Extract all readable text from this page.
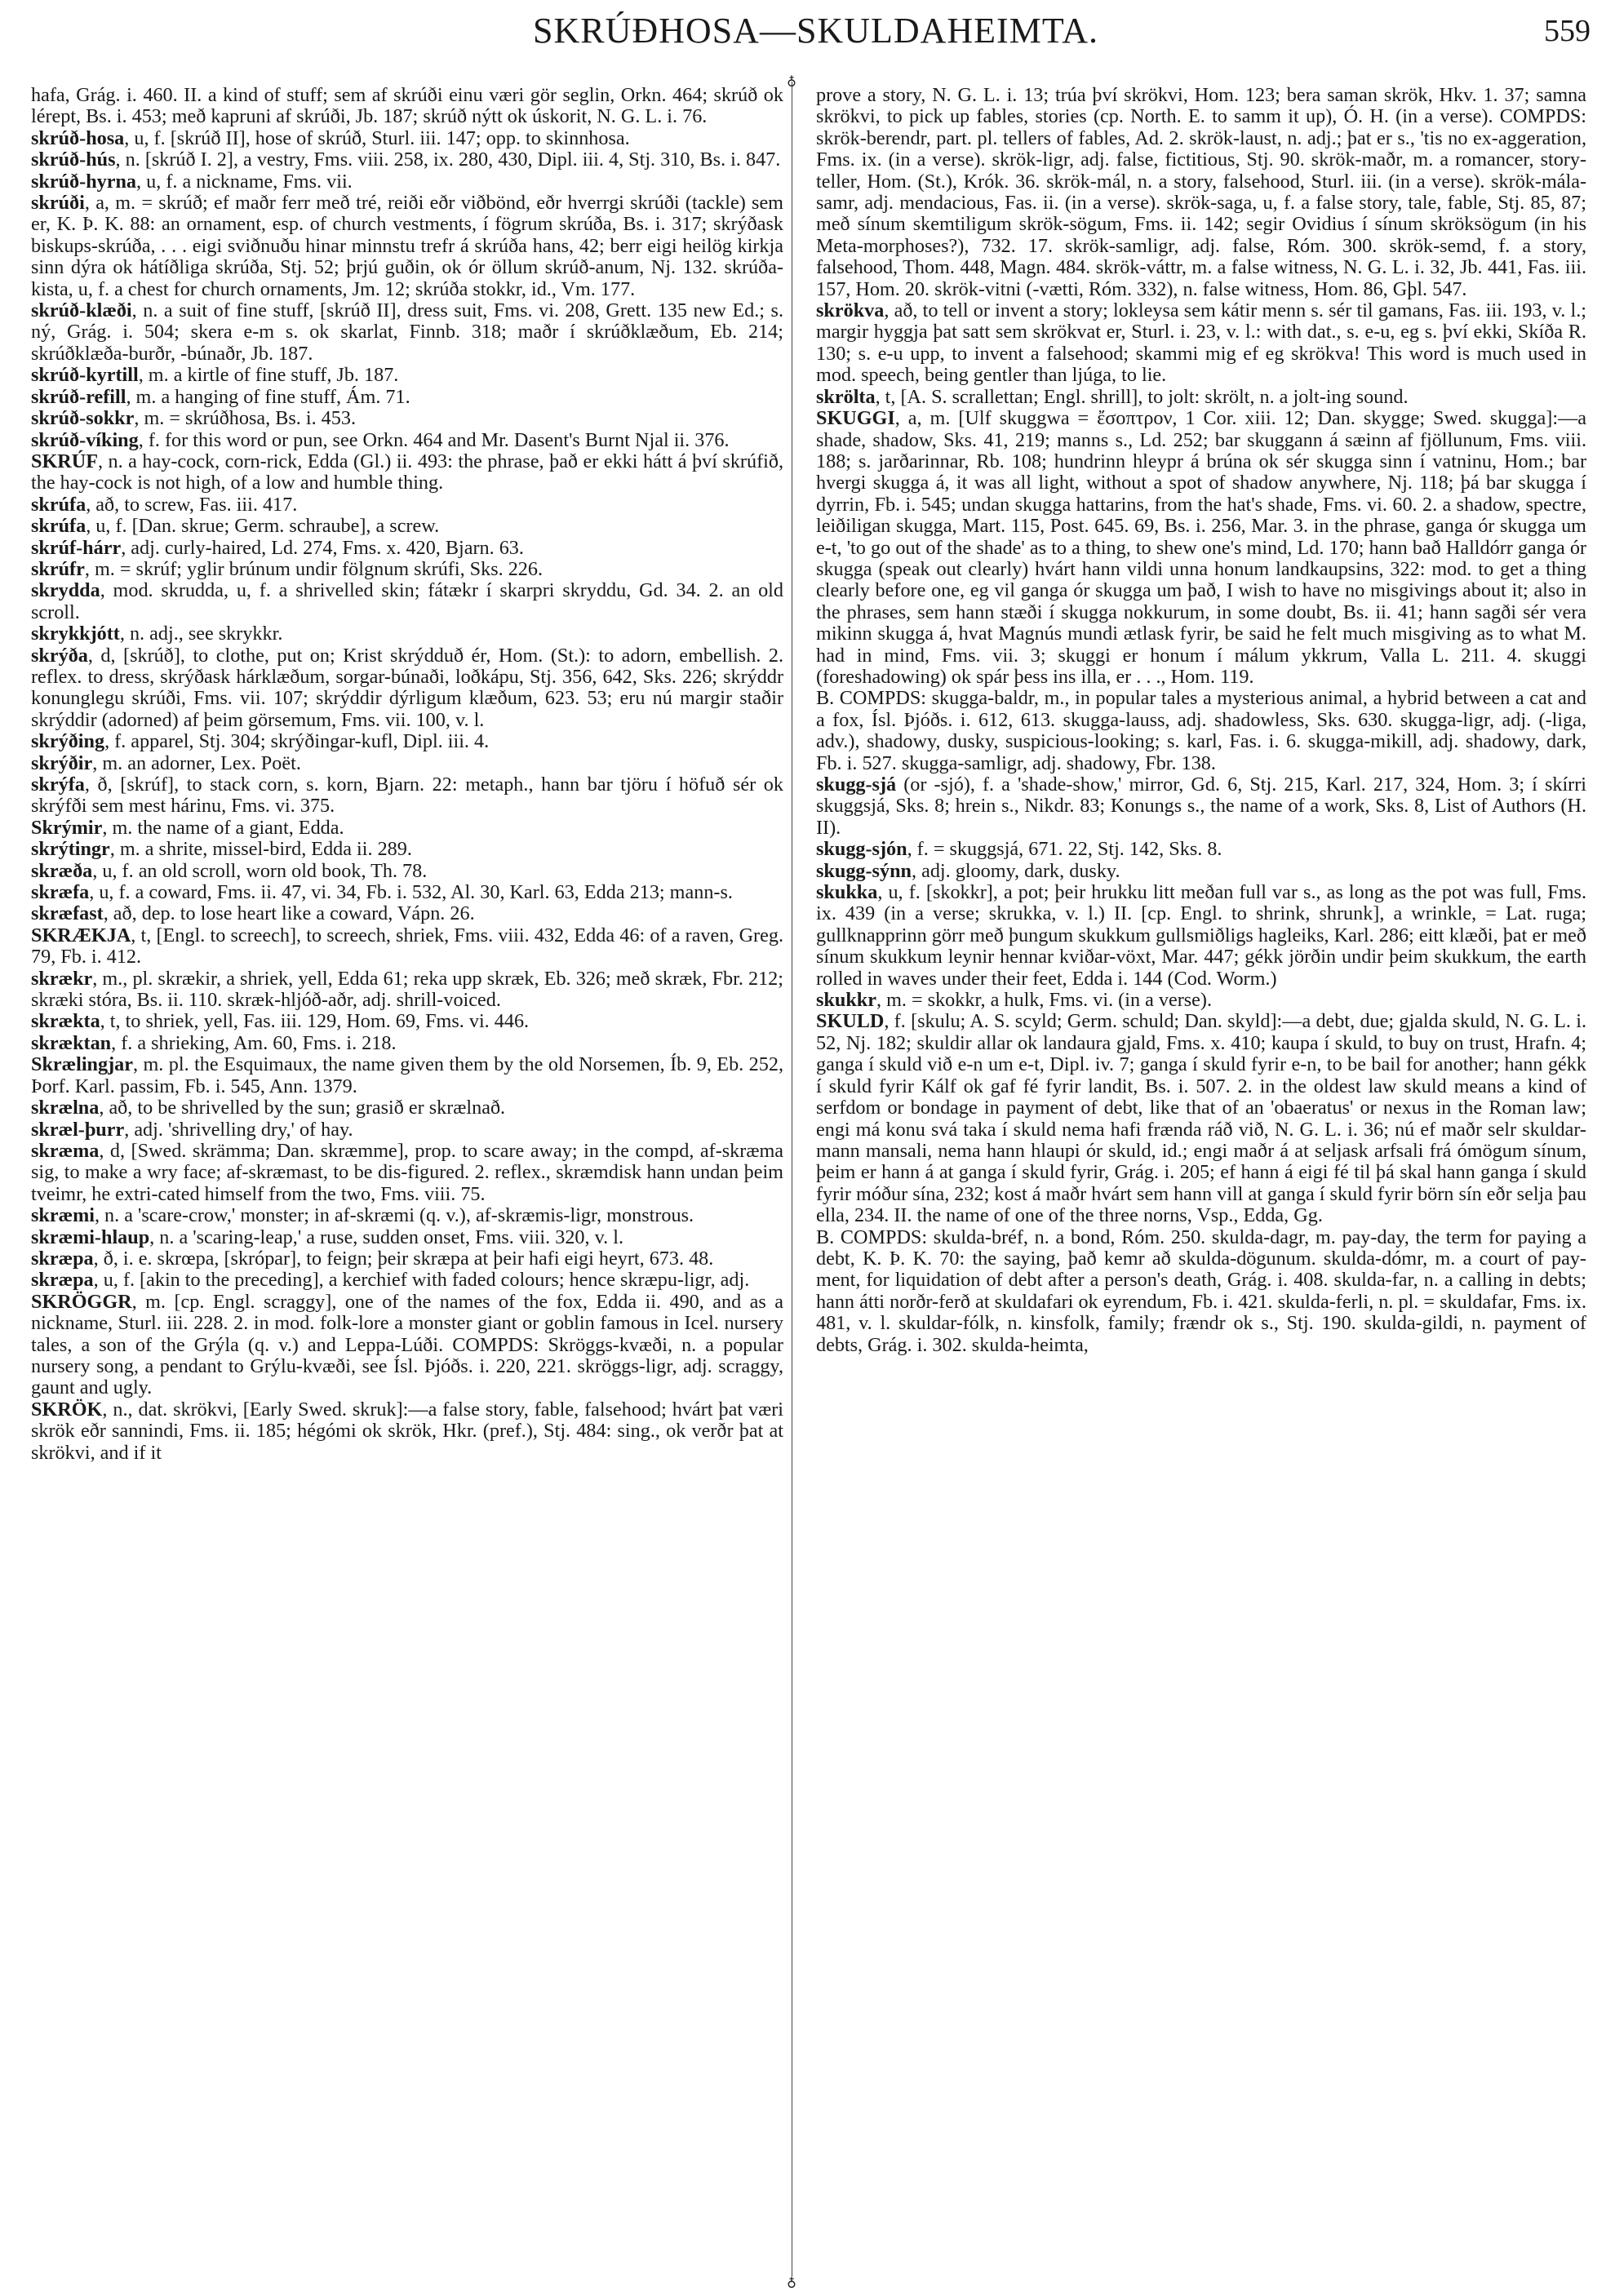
SKRÚÐHOSA—SKULDAHEIMTA.	559
♁
♁

hafa, Grág. i. 460. II. a kind of stuff; sem af skrúði einu væri gör seglin, Orkn. 464; skrúð ok lérept, Bs. i. 453; með kapruni af skrúði, Jb. 187; skrúð nýtt ok úskorit, N. G. L. i. 76.

skrúð-hosa, u, f. [skrúð II], hose of skrúð, Sturl. iii. 147; opp. to skinnhosa.

skrúð-hús, n. [skrúð I. 2], a vestry, Fms. viii. 258, ix. 280, 430, Dipl. iii. 4, Stj. 310, Bs. i. 847.

skrúð-hyrna, u, f. a nickname, Fms. vii.

skrúði, a, m. = skrúð; ef maðr ferr með tré, reiði eðr viðbönd, eðr hverrgi skrúði (tackle) sem er, K. Þ. K. 88: an ornament, esp. of church vestments, í fögrum skrúða, Bs. i. 317; skrýðask biskups-skrúða, . . . eigi sviðnuðu hinar minnstu trefr á skrúða hans, 42; berr eigi heilög kirkja sinn dýra ok hátíðliga skrúða, Stj. 52; þrjú guðin, ok ór öllum skrúð-anum, Nj. 132. skrúða-kista, u, f. a chest for church ornaments, Jm. 12; skrúða stokkr, id., Vm. 177.

skrúð-klæði, n. a suit of fine stuff, [skrúð II], dress suit, Fms. vi. 208, Grett. 135 new Ed.; s. ný, Grág. i. 504; skera e-m s. ok skarlat, Finnb. 318; maðr í skrúðklæðum, Eb. 214; skrúðklæða-burðr, -búnaðr, Jb. 187.

skrúð-kyrtill, m. a kirtle of fine stuff, Jb. 187.

skrúð-refill, m. a hanging of fine stuff, Ám. 71.

skrúð-sokkr, m. = skrúðhosa, Bs. i. 453.

skrúð-víking, f. for this word or pun, see Orkn. 464 and Mr. Dasent's Burnt Njal ii. 376.

SKRÚF, n. a hay-cock, corn-rick, Edda (Gl.) ii. 493: the phrase, það er ekki hátt á því skrúfið, the hay-cock is not high, of a low and humble thing.

skrúfa, að, to screw, Fas. iii. 417.

skrúfa, u, f. [Dan. skrue; Germ. schraube], a screw.

skrúf-hárr, adj. curly-haired, Ld. 274, Fms. x. 420, Bjarn. 63.

skrúfr, m. = skrúf; yglir brúnum undir fölgnum skrúfi, Sks. 226.

skrydda, mod. skrudda, u, f. a shrivelled skin; fátækr í skarpri skryddu, Gd. 34. 2. an old scroll.

skrykkjótt, n. adj., see skrykkr.

skrýða, d, [skrúð], to clothe, put on; Krist skrýdduð ér, Hom. (St.): to adorn, embellish. 2. reflex. to dress, skrýðask hárklæðum, sorgar-búnaði, loðkápu, Stj. 356, 642, Sks. 226; skrýddr konunglegu skrúði, Fms. vii. 107; skrýddir dýrligum klæðum, 623. 53; eru nú margir staðir skrýddir (adorned) af þeim görsemum, Fms. vii. 100, v. l.

skrýðing, f. apparel, Stj. 304; skrýðingar-kufl, Dipl. iii. 4.

skrýðir, m. an adorner, Lex. Poët.

skrýfa, ð, [skrúf], to stack corn, s. korn, Bjarn. 22: metaph., hann bar tjöru í höfuð sér ok skrýfði sem mest hárinu, Fms. vi. 375.

Skrýmir, m. the name of a giant, Edda.

skrýtingr, m. a shrite, missel-bird, Edda ii. 289.

skræða, u, f. an old scroll, worn old book, Th. 78.

skræfa, u, f. a coward, Fms. ii. 47, vi. 34, Fb. i. 532, Al. 30, Karl. 63, Edda 213; mann-s.

skræfast, að, dep. to lose heart like a coward, Vápn. 26.

SKRÆKJA, t, [Engl. to screech], to screech, shriek, Fms. viii. 432, Edda 46: of a raven, Greg. 79, Fb. i. 412.

skrækr, m., pl. skrækir, a shriek, yell, Edda 61; reka upp skræk, Eb. 326; með skræk, Fbr. 212; skræki stóra, Bs. ii. 110. skræk-hljóð-aðr, adj. shrill-voiced.

skrækta, t, to shriek, yell, Fas. iii. 129, Hom. 69, Fms. vi. 446.

skræktan, f. a shrieking, Am. 60, Fms. i. 218.

Skrælingjar, m. pl. the Esquimaux, the name given them by the old Norsemen, Íb. 9, Eb. 252, Þorf. Karl. passim, Fb. i. 545, Ann. 1379.

skrælna, að, to be shrivelled by the sun; grasið er skrælnað.

skræl-þurr, adj. 'shrivelling dry,' of hay.

skræma, d, [Swed. skrämma; Dan. skræmme], prop. to scare away; in the compd, af-skræma sig, to make a wry face; af-skræmast, to be dis-figured. 2. reflex., skræmdisk hann undan þeim tveimr, he extri-cated himself from the two, Fms. viii. 75.

skræmi, n. a 'scare-crow,' monster; in af-skræmi (q. v.), af-skræmis-ligr, monstrous.

skræmi-hlaup, n. a 'scaring-leap,' a ruse, sudden onset, Fms. viii. 320, v. l.

skræpa, ð, i. e. skrœpa, [skrópar], to feign; þeir skræpa at þeir hafi eigi heyrt, 673. 48.

skræpa, u, f. [akin to the preceding], a kerchief with faded colours; hence skræpu-ligr, adj.

SKRÖGGR, m. [cp. Engl. scraggy], one of the names of the fox, Edda ii. 490, and as a nickname, Sturl. iii. 228. 2. in mod. folk-lore a monster giant or goblin famous in Icel. nursery tales, a son of the Grýla (q. v.) and Leppa-Lúði. COMPDS: Skröggs-kvæði, n. a popular nursery song, a pendant to Grýlu-kvæði, see Ísl. Þjóðs. i. 220, 221. skröggs-ligr, adj. scraggy, gaunt and ugly.

SKRÖK, n., dat. skrökvi, [Early Swed. skruk]:—a false story, fable, falsehood; hvárt þat væri skrök eðr sannindi, Fms. ii. 185; hégómi ok skrök, Hkr. (pref.), Stj. 484: sing., ok verðr þat at skrökvi, and if it

prove a story, N. G. L. i. 13; trúa því skrökvi, Hom. 123; bera saman skrök, Hkv. 1. 37; samna skrökvi, to pick up fables, stories (cp. North. E. to samm it up), Ó. H. (in a verse). COMPDS: skrök-berendr, part. pl. tellers of fables, Ad. 2. skrök-laust, n. adj.; þat er s., 'tis no ex-aggeration, Fms. ix. (in a verse). skrök-ligr, adj. false, fictitious, Stj. 90. skrök-maðr, m. a romancer, story-teller, Hom. (St.), Krók. 36. skrök-mál, n. a story, falsehood, Sturl. iii. (in a verse). skrök-mála-samr, adj. mendacious, Fas. ii. (in a verse). skrök-saga, u, f. a false story, tale, fable, Stj. 85, 87; með sínum skemtiligum skrök-sögum, Fms. ii. 142; segir Ovidius í sínum skröksögum (in his Meta-morphoses?), 732. 17. skrök-samligr, adj. false, Róm. 300. skrök-semd, f. a story, falsehood, Thom. 448, Magn. 484. skrök-váttr, m. a false witness, N. G. L. i. 32, Jb. 441, Fas. iii. 157, Hom. 20. skrök-vitni (-vætti, Róm. 332), n. false witness, Hom. 86, Gþl. 547.

skrökva, að, to tell or invent a story; lokleysa sem kátir menn s. sér til gamans, Fas. iii. 193, v. l.; margir hyggja þat satt sem skrökvat er, Sturl. i. 23, v. l.: with dat., s. e-u, eg s. því ekki, Skíða R. 130; s. e-u upp, to invent a falsehood; skammi mig ef eg skrökva! This word is much used in mod. speech, being gentler than ljúga, to lie.

skrölta, t, [A. S. scrallettan; Engl. shrill], to jolt: skrölt, n. a jolt-ing sound.

SKUGGI, a, m. [Ulf skuggwa = ἔσοπτρον, 1 Cor. xiii. 12; Dan. skygge; Swed. skugga]:—a shade, shadow, Sks. 41, 219; manns s., Ld. 252; bar skuggann á sæinn af fjöllunum, Fms. viii. 188; s. jarðarinnar, Rb. 108; hundrinn hleypr á brúna ok sér skugga sinn í vatninu, Hom.; bar hvergi skugga á, it was all light, without a spot of shadow anywhere, Nj. 118; þá bar skugga í dyrrin, Fb. i. 545; undan skugga hattarins, from the hat's shade, Fms. vi. 60. 2. a shadow, spectre, leiðiligan skugga, Mart. 115, Post. 645. 69, Bs. i. 256, Mar. 3. in the phrase, ganga ór skugga um e-t, 'to go out of the shade' as to a thing, to shew one's mind, Ld. 170; hann bað Halldórr ganga ór skugga (speak out clearly) hvárt hann vildi unna honum landkaupsins, 322: mod. to get a thing clearly before one, eg vil ganga ór skugga um það, I wish to have no misgivings about it; also in the phrases, sem hann stæði í skugga nokkurum, in some doubt, Bs. ii. 41; hann sagði sér vera mikinn skugga á, hvat Magnús mundi ætlask fyrir, be said he felt much misgiving as to what M. had in mind, Fms. vii. 3; skuggi er honum í málum ykkrum, Valla L. 211. 4. skuggi (foreshadowing) ok spár þess ins illa, er . . ., Hom. 119.

B. COMPDS: skugga-baldr, m., in popular tales a mysterious animal, a hybrid between a cat and a fox, Ísl. Þjóðs. i. 612, 613. skugga-lauss, adj. shadowless, Sks. 630. skugga-ligr, adj. (-liga, adv.), shadowy, dusky, suspicious-looking; s. karl, Fas. i. 6. skugga-mikill, adj. shadowy, dark, Fb. i. 527. skugga-samligr, adj. shadowy, Fbr. 138.

skugg-sjá (or -sjó), f. a 'shade-show,' mirror, Gd. 6, Stj. 215, Karl. 217, 324, Hom. 3; í skírri skuggsjá, Sks. 8; hrein s., Nikdr. 83; Konungs s., the name of a work, Sks. 8, List of Authors (H. II).

skugg-sjón, f. = skuggsjá, 671. 22, Stj. 142, Sks. 8.

skugg-sýnn, adj. gloomy, dark, dusky.

skukka, u, f. [skokkr], a pot; þeir hrukku litt meðan full var s., as long as the pot was full, Fms. ix. 439 (in a verse; skrukka, v. l.) II. [cp. Engl. to shrink, shrunk], a wrinkle, = Lat. ruga; gullknapprinn görr með þungum skukkum gullsmiðligs hagleiks, Karl. 286; eitt klæði, þat er með sínum skukkum leynir hennar kviðar-vöxt, Mar. 447; gékk jörðin undir þeim skukkum, the earth rolled in waves under their feet, Edda i. 144 (Cod. Worm.)

skukkr, m. = skokkr, a hulk, Fms. vi. (in a verse).

SKULD, f. [skulu; A. S. scyld; Germ. schuld; Dan. skyld]:—a debt, due; gjalda skuld, N. G. L. i. 52, Nj. 182; skuldir allar ok landaura gjald, Fms. x. 410; kaupa í skuld, to buy on trust, Hrafn. 4; ganga í skuld við e-n um e-t, Dipl. iv. 7; ganga í skuld fyrir e-n, to be bail for another; hann gékk í skuld fyrir Kálf ok gaf fé fyrir landit, Bs. i. 507. 2. in the oldest law skuld means a kind of serfdom or bondage in payment of debt, like that of an 'obaeratus' or nexus in the Roman law; engi má konu svá taka í skuld nema hafi frænda ráð við, N. G. L. i. 36; nú ef maðr selr skuldar-mann mansali, nema hann hlaupi ór skuld, id.; engi maðr á at seljask arfsali frá ómögum sínum, þeim er hann á at ganga í skuld fyrir, Grág. i. 205; ef hann á eigi fé til þá skal hann ganga í skuld fyrir móður sína, 232; kost á maðr hvárt sem hann vill at ganga í skuld fyrir börn sín eðr selja þau ella, 234. II. the name of one of the three norns, Vsp., Edda, Gg.

B. COMPDS: skulda-bréf, n. a bond, Róm. 250. skulda-dagr, m. pay-day, the term for paying a debt, K. Þ. K. 70: the saying, það kemr að skulda-dögunum. skulda-dómr, m. a court of pay-ment, for liquidation of debt after a person's death, Grág. i. 408. skulda-far, n. a calling in debts; hann átti norðr-ferð at skuldafari ok eyrendum, Fb. i. 421. skulda-ferli, n. pl. = skuldafar, Fms. ix. 481, v. l. skuldar-fólk, n. kinsfolk, family; frændr ok s., Stj. 190. skulda-gildi, n. payment of debts, Grág. i. 302. skulda-heimta,
